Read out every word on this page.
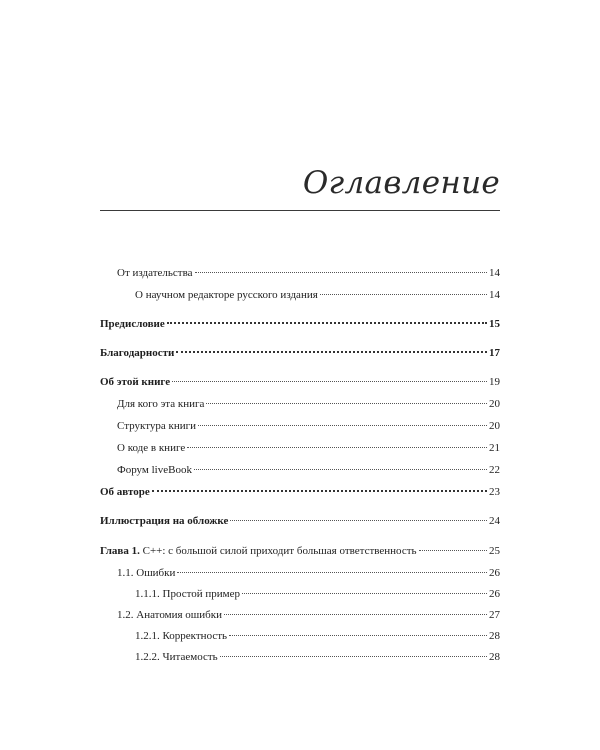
Оглавление
От издательства	14
О научном редакторе русского издания	14
Предисловие	15
Благодарности	17
Об этой книге	19
Для кого эта книга	20
Структура книги	20
О коде в книге	21
Форум liveBook	22
Об авторе	23
Иллюстрация на обложке	24
Глава 1. С++: с большой силой приходит большая ответственность	25
1.1. Ошибки	26
1.1.1. Простой пример	26
1.2. Анатомия ошибки	27
1.2.1. Корректность	28
1.2.2. Читаемость	28
